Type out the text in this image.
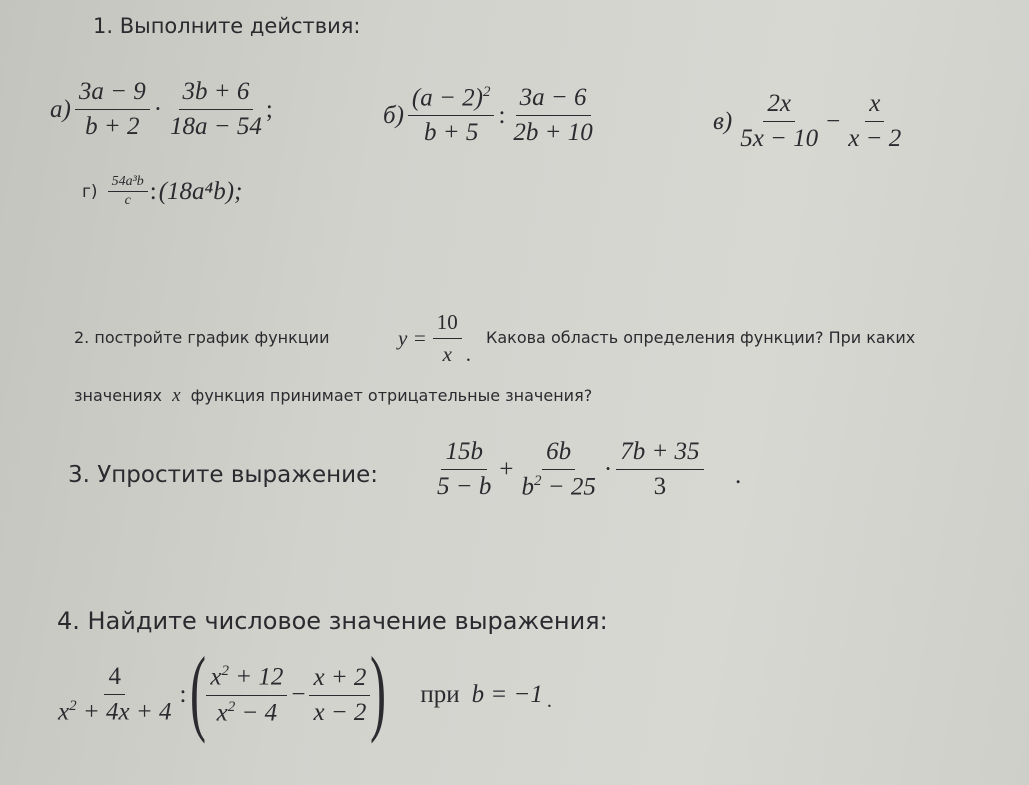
1. Выполните действия:
$а) \frac{3a - 9}{b + 2} \cdot \frac{3b + 6}{18a - 54}$ ;	$б) \frac{(a - 2)^2}{b + 5}$ : $\frac{3a - 6}{2b + 10}$	$в) \frac{2x}{5x - 10} - \frac{x}{x - 2}$
$г) \frac{\text{54a³b}}{c}$ : (18a⁴b);
2. постройте график функции	$y = \frac{10}{x}$ .
Какова область определения функции? При каких
значениях x функция принимает отрицательные значения?
3. Упростите выражение: $\frac{15b}{5 - b} + \frac{6b}{b^2 - 25} \cdot \frac{7b + 35}{3}$ .
4. Найдите числовое значение выражения:
$\frac{4}{x^2 + 4x + 4}$ : ( $\frac{x^2 + 12}{x^2 - 4} - \frac{x + 2}{x - 2}$ ) при b = −1 .
